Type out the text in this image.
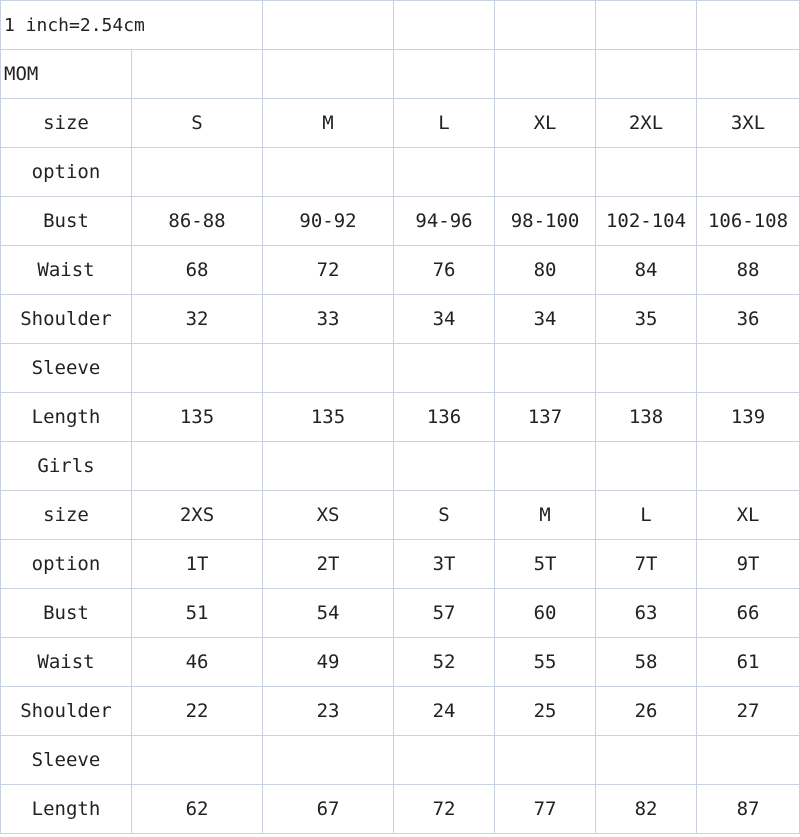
1 inch=2.54cm						
MOM						
size	S	M	L	XL	2XL	3XL
option						
Bust	86-88	90-92	94-96	98-100	102-104	106-108
Waist	68	72	76	80	84	88
Shoulder	32	33	34	34	35	36
Sleeve						
Length	135	135	136	137	138	139
Girls						
size	2XS	XS	S	M	L	XL
option	1T	2T	3T	5T	7T	9T
Bust	51	54	57	60	63	66
Waist	46	49	52	55	58	61
Shoulder	22	23	24	25	26	27
Sleeve						
Length	62	67	72	77	82	87
